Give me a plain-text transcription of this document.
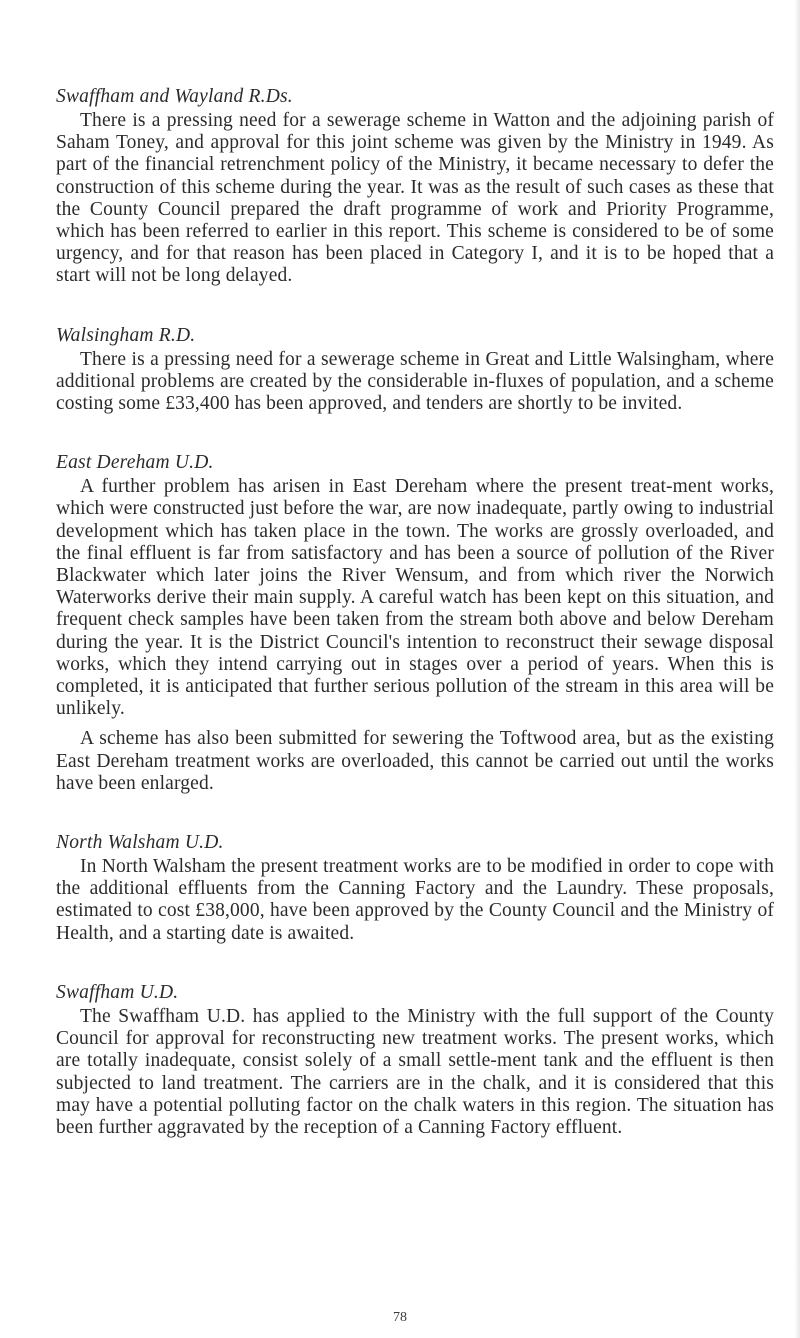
Swaffham and Wayland R.Ds.

There is a pressing need for a sewerage scheme in Watton and the adjoining parish of Saham Toney, and approval for this joint scheme was given by the Ministry in 1949. As part of the financial retrenchment policy of the Ministry, it became necessary to defer the construction of this scheme during the year. It was as the result of such cases as these that the County Council prepared the draft programme of work and Priority Programme, which has been referred to earlier in this report. This scheme is considered to be of some urgency, and for that reason has been placed in Category I, and it is to be hoped that a start will not be long delayed.

Walsingham R.D.

There is a pressing need for a sewerage scheme in Great and Little Walsingham, where additional problems are created by the considerable in-fluxes of population, and a scheme costing some £33,400 has been approved, and tenders are shortly to be invited.

East Dereham U.D.

A further problem has arisen in East Dereham where the present treat-ment works, which were constructed just before the war, are now inadequate, partly owing to industrial development which has taken place in the town. The works are grossly overloaded, and the final effluent is far from satisfactory and has been a source of pollution of the River Blackwater which later joins the River Wensum, and from which river the Norwich Waterworks derive their main supply. A careful watch has been kept on this situation, and frequent check samples have been taken from the stream both above and below Dereham during the year. It is the District Council's intention to reconstruct their sewage disposal works, which they intend carrying out in stages over a period of years. When this is completed, it is anticipated that further serious pollution of the stream in this area will be unlikely.

A scheme has also been submitted for sewering the Toftwood area, but as the existing East Dereham treatment works are overloaded, this cannot be carried out until the works have been enlarged.

North Walsham U.D.

In North Walsham the present treatment works are to be modified in order to cope with the additional effluents from the Canning Factory and the Laundry. These proposals, estimated to cost £38,000, have been approved by the County Council and the Ministry of Health, and a starting date is awaited.

Swaffham U.D.

The Swaffham U.D. has applied to the Ministry with the full support of the County Council for approval for reconstructing new treatment works. The present works, which are totally inadequate, consist solely of a small settle-ment tank and the effluent is then subjected to land treatment. The carriers are in the chalk, and it is considered that this may have a potential polluting factor on the chalk waters in this region. The situation has been further aggravated by the reception of a Canning Factory effluent.

78
